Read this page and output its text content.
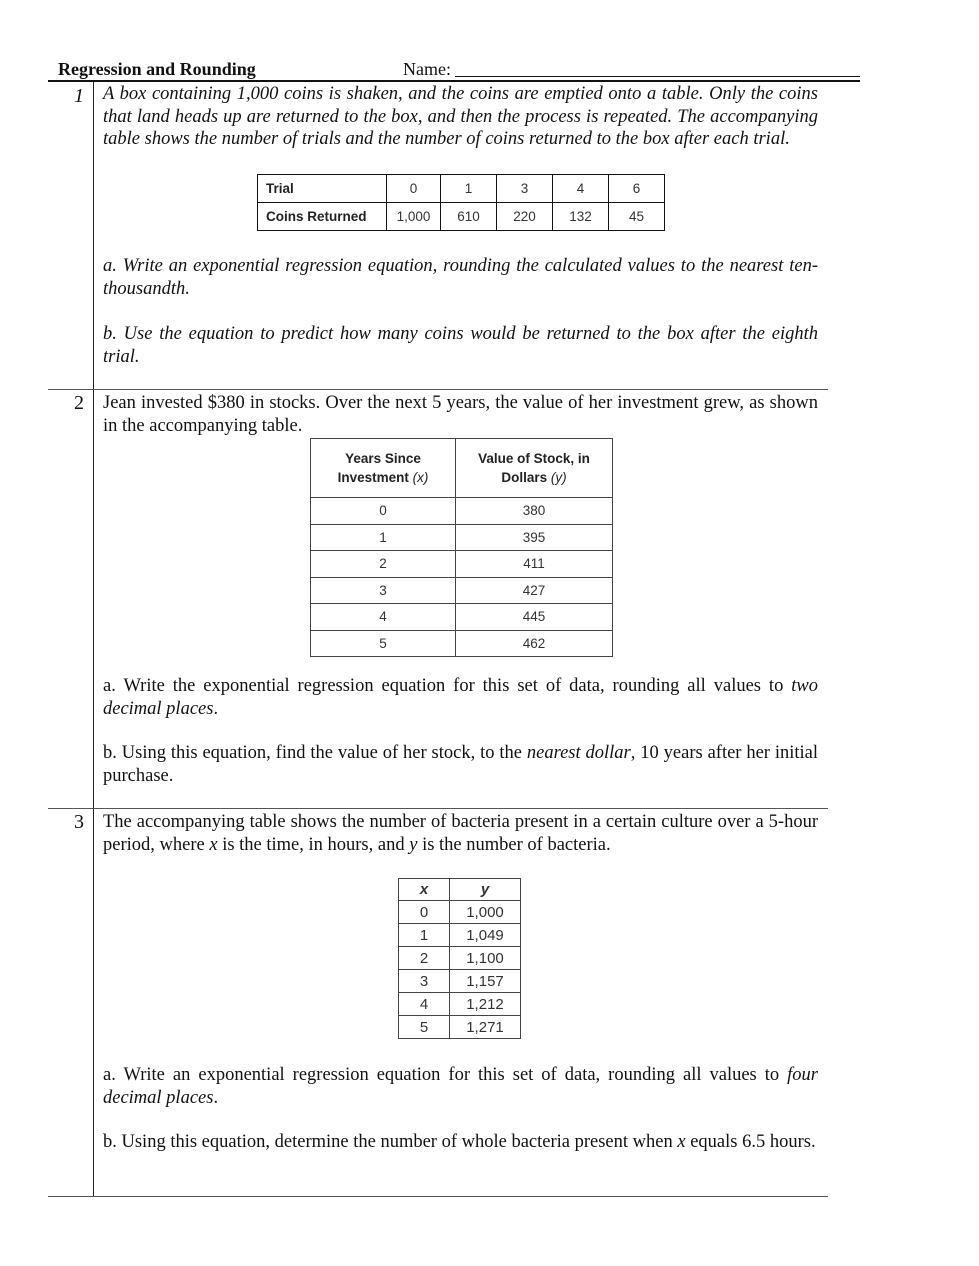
Regression and Rounding	Name:
1 A box containing 1,000 coins is shaken, and the coins are emptied onto a table. Only the coins that land heads up are returned to the box, and then the process is repeated. The accompanying table shows the number of trials and the number of coins returned to the box after each trial.

Trial	0	1	3	4	6
Coins Returned	1,000	610	220	132	45
a. Write an exponential regression equation, rounding the calculated values to the nearest ten-thousandth.
b. Use the equation to predict how many coins would be returned to the box after the eighth trial.
2 Jean invested $380 in stocks. Over the next 5 years, the value of her investment grew, as shown in the accompanying table.
Years Since Investment (x)	Value of Stock, in Dollars (y)
0	380
1	395
2	411
3	427
4	445
5	462
a. Write the exponential regression equation for this set of data, rounding all values to two decimal places.
b. Using this equation, find the value of her stock, to the nearest dollar, 10 years after her initial purchase.
3 The accompanying table shows the number of bacteria present in a certain culture over a 5-hour period, where x is the time, in hours, and y is the number of bacteria.
x	y
0	1,000
1	1,049
2	1,100
3	1,157
4	1,212
5	1,271
a. Write an exponential regression equation for this set of data, rounding all values to four decimal places.
b. Using this equation, determine the number of whole bacteria present when x equals 6.5 hours.
